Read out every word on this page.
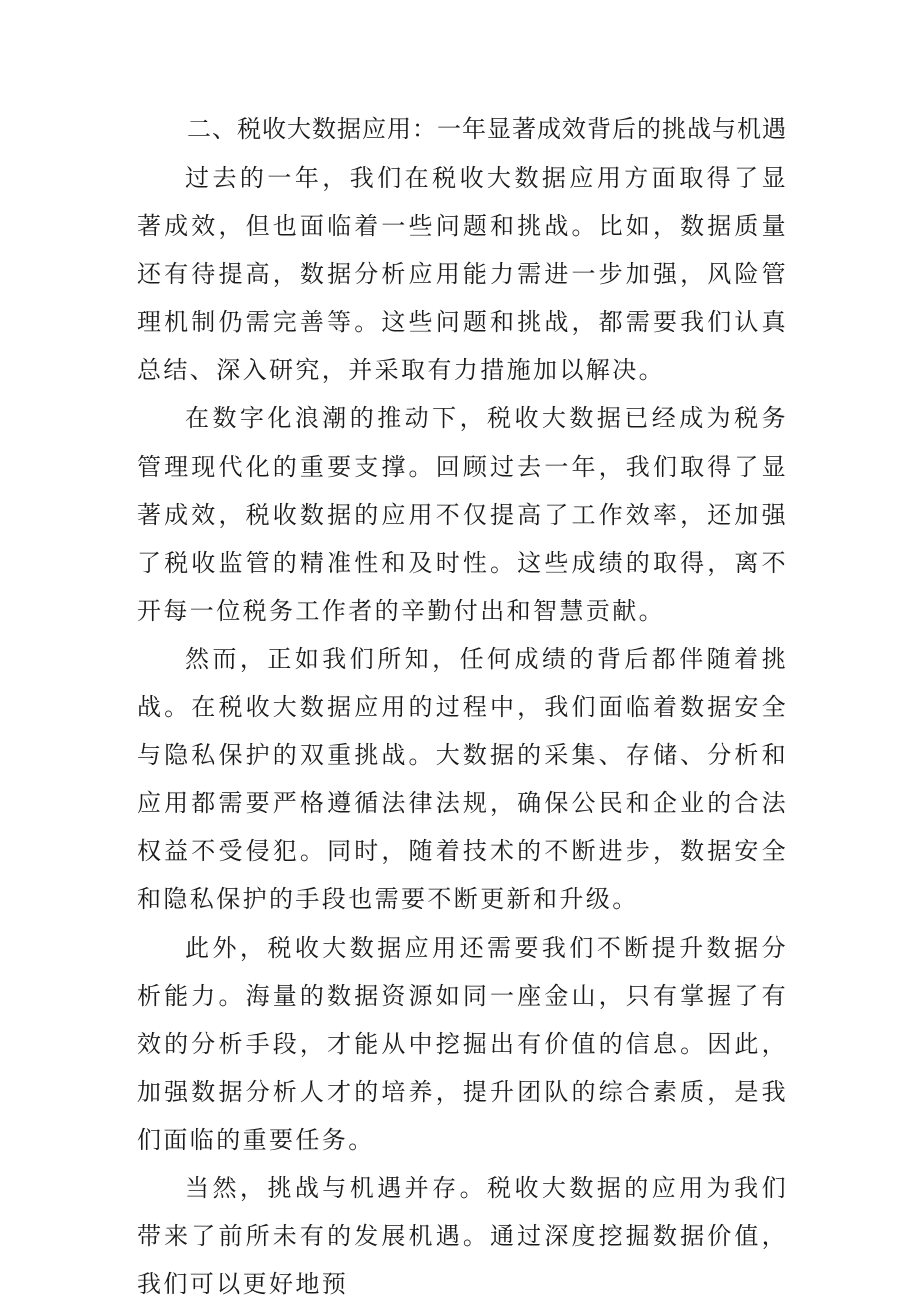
二、税收大数据应用：一年显著成效背后的挑战与机遇

过去的一年，我们在税收大数据应用方面取得了显著成效，但也面临着一些问题和挑战。比如，数据质量还有待提高，数据分析应用能力需进一步加强，风险管理机制仍需完善等。这些问题和挑战，都需要我们认真总结、深入研究，并采取有力措施加以解决。

在数字化浪潮的推动下，税收大数据已经成为税务管理现代化的重要支撑。回顾过去一年，我们取得了显著成效，税收数据的应用不仅提高了工作效率，还加强了税收监管的精准性和及时性。这些成绩的取得，离不开每一位税务工作者的辛勤付出和智慧贡献。

然而，正如我们所知，任何成绩的背后都伴随着挑战。在税收大数据应用的过程中，我们面临着数据安全与隐私保护的双重挑战。大数据的采集、存储、分析和应用都需要严格遵循法律法规，确保公民和企业的合法权益不受侵犯。同时，随着技术的不断进步，数据安全和隐私保护的手段也需要不断更新和升级。

此外，税收大数据应用还需要我们不断提升数据分析能力。海量的数据资源如同一座金山，只有掌握了有效的分析手段，才能从中挖掘出有价值的信息。因此，加强数据分析人才的培养，提升团队的综合素质，是我们面临的重要任务。

当然，挑战与机遇并存。税收大数据的应用为我们带来了前所未有的发展机遇。通过深度挖掘数据价值，我们可以更好地预
